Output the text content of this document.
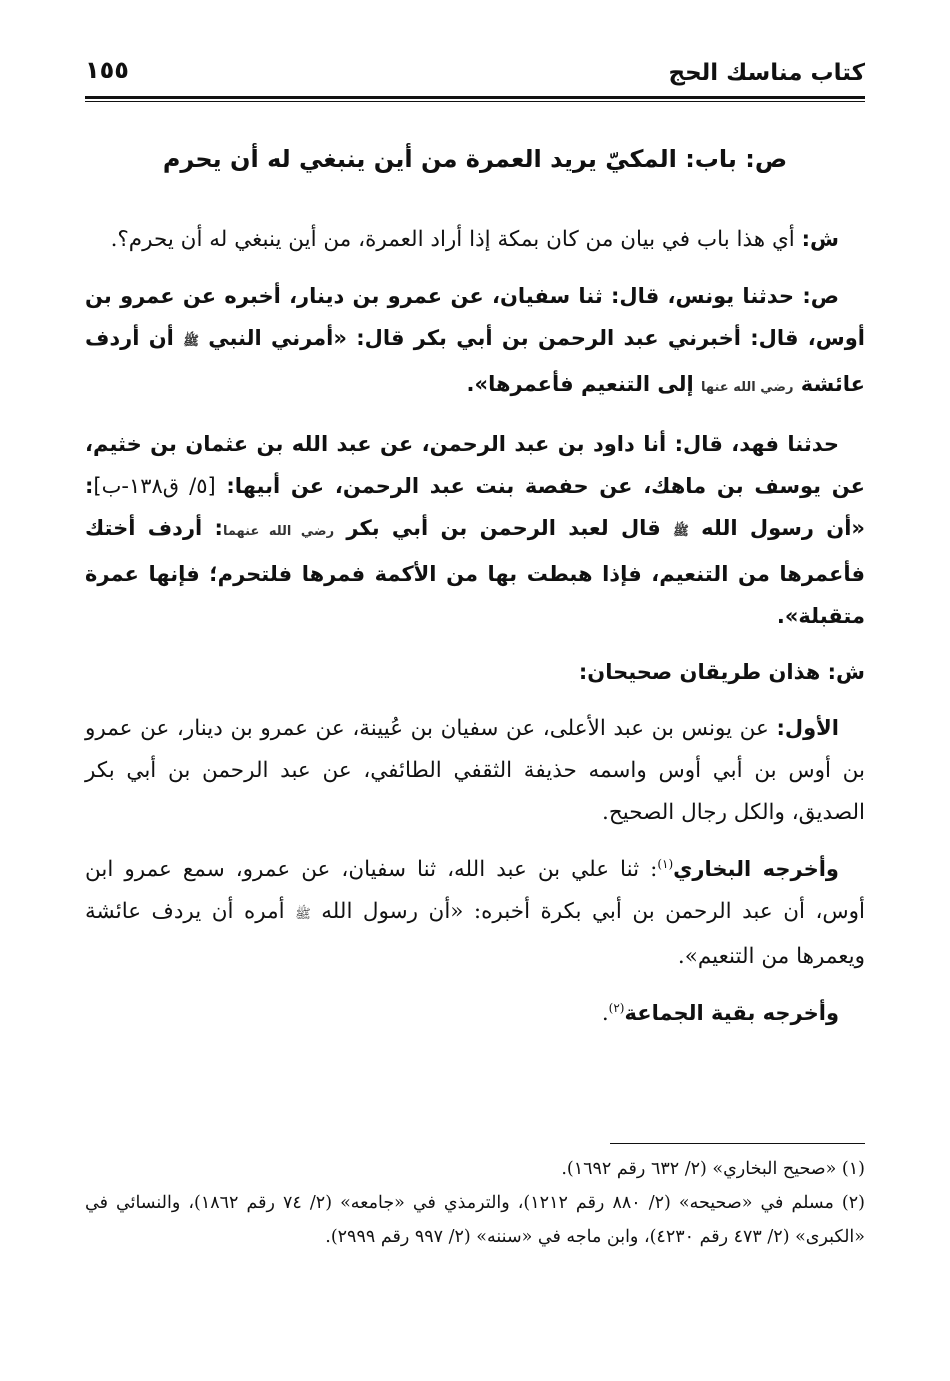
كتاب مناسك الحج
١٥٥
ص: باب: المكيّ يريد العمرة من أين ينبغي له أن يحرم

ش: أي هذا باب في بيان من كان بمكة إذا أراد العمرة، من أين ينبغي له أن يحرم؟.

ص: حدثنا يونس، قال: ثنا سفيان، عن عمرو بن دينار، أخبره عن عمرو بن أوس، قال: أخبرني عبد الرحمن بن أبي بكر قال: «أمرني النبي ﷺ أن أردف عائشة رضي الله عنها إلى التنعيم فأعمرها».

حدثنا فهد، قال: أنا داود بن عبد الرحمن، عن عبد الله بن عثمان بن خثيم، عن يوسف بن ماهك، عن حفصة بنت عبد الرحمن، عن أبيها: [٥/ ق١٣٨-ب]: «أن رسول الله ﷺ قال لعبد الرحمن بن أبي بكر رضي الله عنهما: أردف أختك فأعمرها من التنعيم، فإذا هبطت بها من الأكمة فمرها فلتحرم؛ فإنها عمرة متقبلة».

ش: هذان طريقان صحيحان:

الأول: عن يونس بن عبد الأعلى، عن سفيان بن عُيينة، عن عمرو بن دينار، عن عمرو بن أوس بن أبي أوس واسمه حذيفة الثقفي الطائفي، عن عبد الرحمن بن أبي بكر الصديق، والكل رجال الصحيح.

وأخرجه البخاري$^{(١)}$: ثنا علي بن عبد الله، ثنا سفيان، عن عمرو، سمع عمرو ابن أوس، أن عبد الرحمن بن أبي بكرة أخبره: «أن رسول الله ﷺ أمره أن يردف عائشة ويعمرها من التنعيم».

وأخرجه بقية الجماعة$^{(٢)}$.

(١) «صحيح البخاري» (٢/ ٦٣٢ رقم ١٦٩٢).

(٢) مسلم في «صحيحه» (٢/ ٨٨٠ رقم ١٢١٢)، والترمذي في «جامعه» (٢/ ٧٤ رقم ١٨٦٢)، والنسائي في «الكبرى» (٢/ ٤٧٣ رقم ٤٢٣٠)، وابن ماجه في «سننه» (٢/ ٩٩٧ رقم ٢٩٩٩).
